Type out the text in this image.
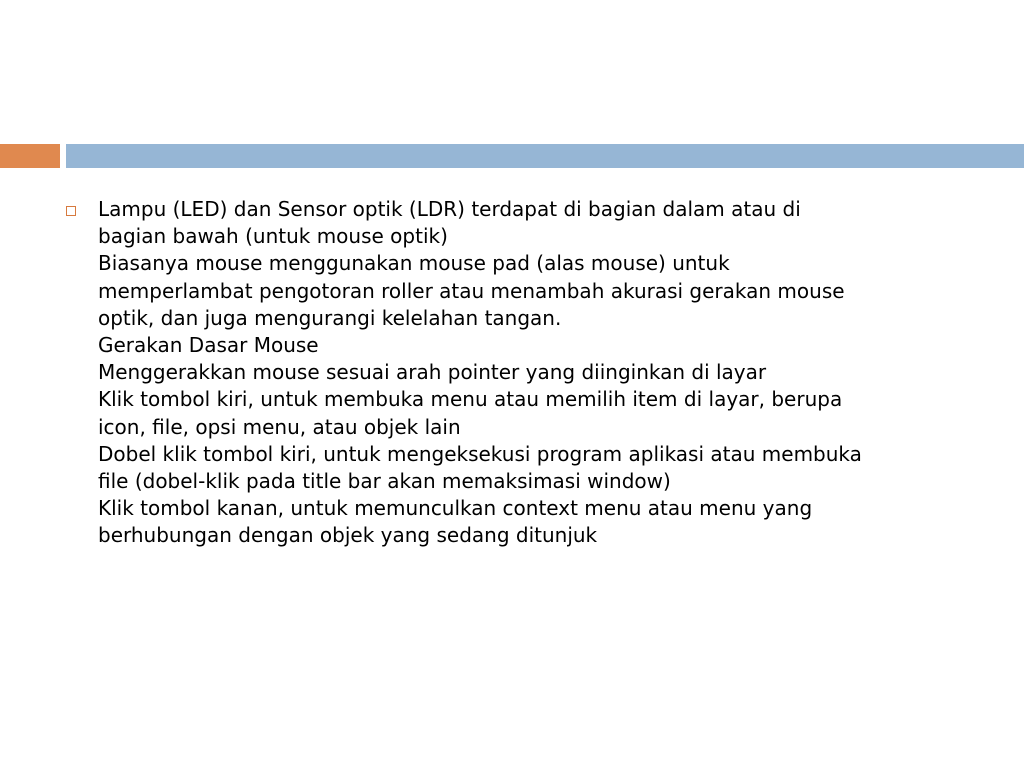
Lampu (LED) dan Sensor optik (LDR) terdapat di bagian dalam atau di
bagian bawah (untuk mouse optik)
Biasanya mouse menggunakan mouse pad (alas mouse) untuk
memperlambat pengotoran roller atau menambah akurasi gerakan mouse
optik, dan juga mengurangi kelelahan tangan.
Gerakan Dasar Mouse
Menggerakkan mouse sesuai arah pointer yang diinginkan di layar
Klik tombol kiri, untuk membuka menu atau memilih item di layar, berupa
icon, file, opsi menu, atau objek lain
Dobel klik tombol kiri, untuk mengeksekusi program aplikasi atau membuka
file (dobel-klik pada title bar akan memaksimasi window)
Klik tombol kanan, untuk memunculkan context menu atau menu yang
berhubungan dengan objek yang sedang ditunjuk
